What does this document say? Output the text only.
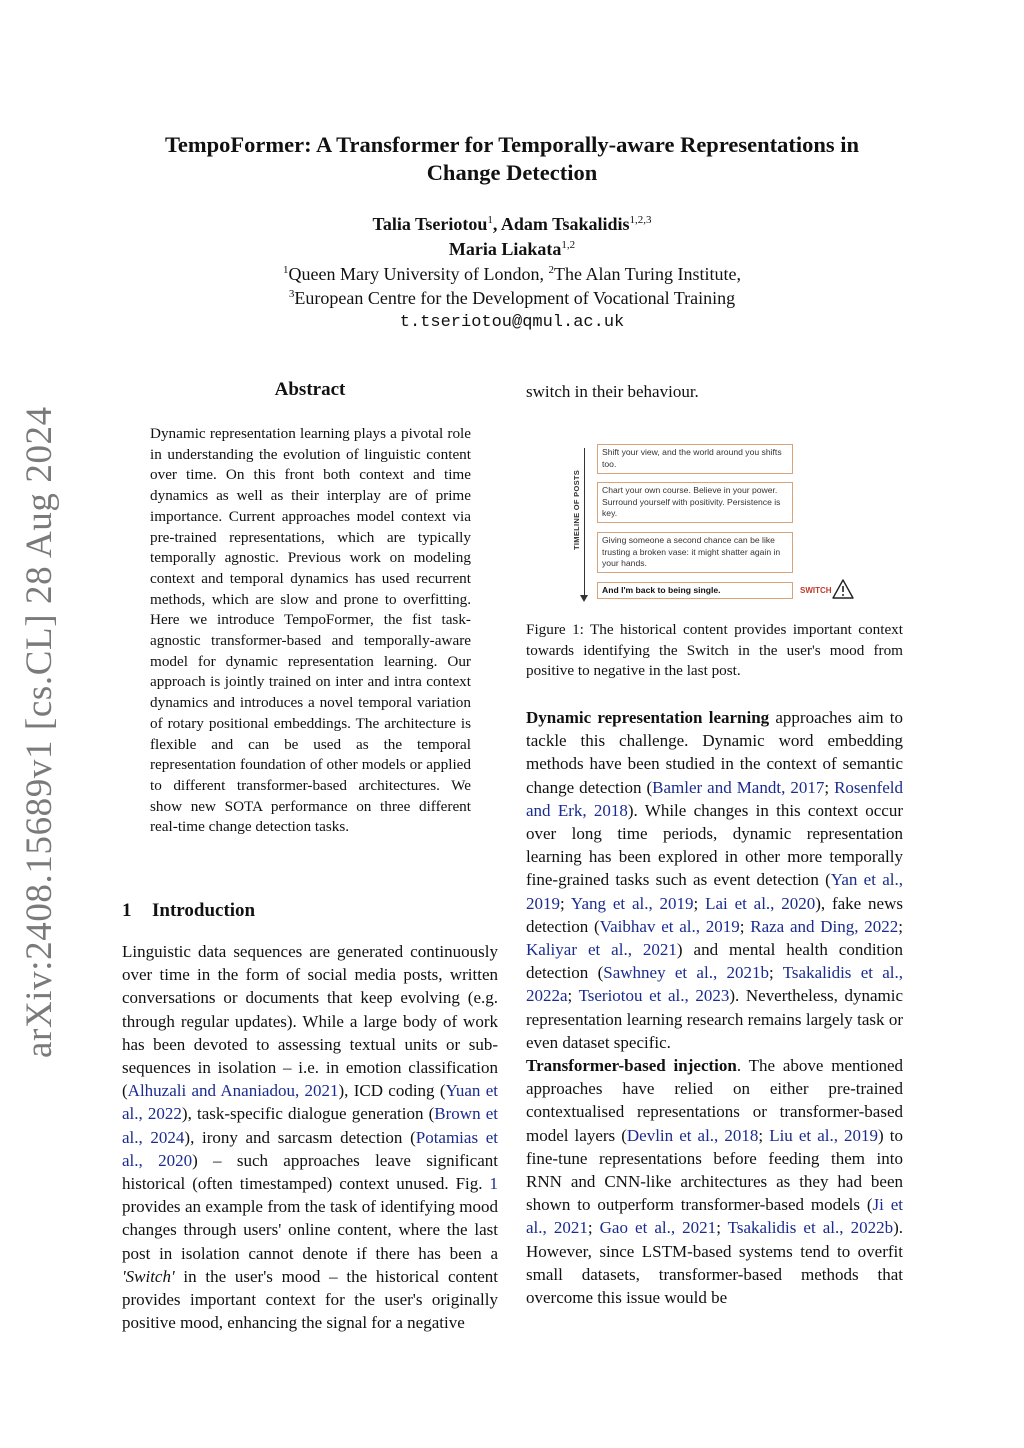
arXiv:2408.15689v1 [cs.CL] 28 Aug 2024
TempoFormer: A Transformer for Temporally-aware Representations in
Change Detection
Talia Tseriotou$^1$, Adam Tsakalidis$^{1,2,3}$
Maria Liakata$^{1,2}$
$^1$Queen Mary University of London, $^2$The Alan Turing Institute,
$^3$European Centre for the Development of Vocational Training
t.tseriotou@qmul.ac.uk
Abstract
Dynamic representation learning plays a pivotal role in understanding the evolution of linguistic content over time. On this front both context and time dynamics as well as their interplay are of prime importance. Current approaches model context via pre-trained representations, which are typically temporally agnostic. Previous work on modeling context and temporal dynamics has used recurrent methods, which are slow and prone to overfitting. Here we introduce TempoFormer, the fist task-agnostic transformer-based and temporally-aware model for dynamic representation learning. Our approach is jointly trained on inter and intra context dynamics and introduces a novel temporal variation of rotary positional embeddings. The architecture is flexible and can be used as the temporal representation foundation of other models or applied to different transformer-based architectures. We show new SOTA performance on three different real-time change detection tasks.
1 Introduction
Linguistic data sequences are generated continuously over time in the form of social media posts, written conversations or documents that keep evolving (e.g. through regular updates). While a large body of work has been devoted to assessing textual units or sub-sequences in isolation – i.e. in emotion classification (Alhuzali and Ananiadou, 2021), ICD coding (Yuan et al., 2022), task-specific dialogue generation (Brown et al., 2024), irony and sarcasm detection (Potamias et al., 2020) – such approaches leave significant historical (often timestamped) context unused. Fig. 1 provides an example from the task of identifying mood changes through users' online content, where the last post in isolation cannot denote if there has been a 'Switch' in the user's mood – the historical content provides important context for the user's originally positive mood, enhancing the signal for a negative
TIMELINE OF POSTS
Shift your view, and the world around you shifts too.
Chart your own course. Believe in your power. Surround yourself with positivity. Persistence is key.
Giving someone a second chance can be like trusting a broken vase: it might shatter again in your hands.
And I'm back to being single.	SWITCH
Figure 1: The historical content provides important context towards identifying the Switch in the user's mood from positive to negative in the last post.
switch in their behaviour.
Dynamic representation learning approaches aim to tackle this challenge. Dynamic word embedding methods have been studied in the context of semantic change detection (Bamler and Mandt, 2017; Rosenfeld and Erk, 2018). While changes in this context occur over long time periods, dynamic representation learning has been explored in other more temporally fine-grained tasks such as event detection (Yan et al., 2019; Yang et al., 2019; Lai et al., 2020), fake news detection (Vaibhav et al., 2019; Raza and Ding, 2022; Kaliyar et al., 2021) and mental health condition detection (Sawhney et al., 2021b; Tsakalidis et al., 2022a; Tseriotou et al., 2023). Nevertheless, dynamic representation learning research remains largely task or even dataset specific.
Transformer-based injection. The above mentioned approaches have relied on either pre-trained contextualised representations or transformer-based model layers (Devlin et al., 2018; Liu et al., 2019) to fine-tune representations before feeding them into RNN and CNN-like architectures as they had been shown to outperform transformer-based models (Ji et al., 2021; Gao et al., 2021; Tsakalidis et al., 2022b). However, since LSTM-based systems tend to overfit small datasets, transformer-based methods that overcome this issue would be
